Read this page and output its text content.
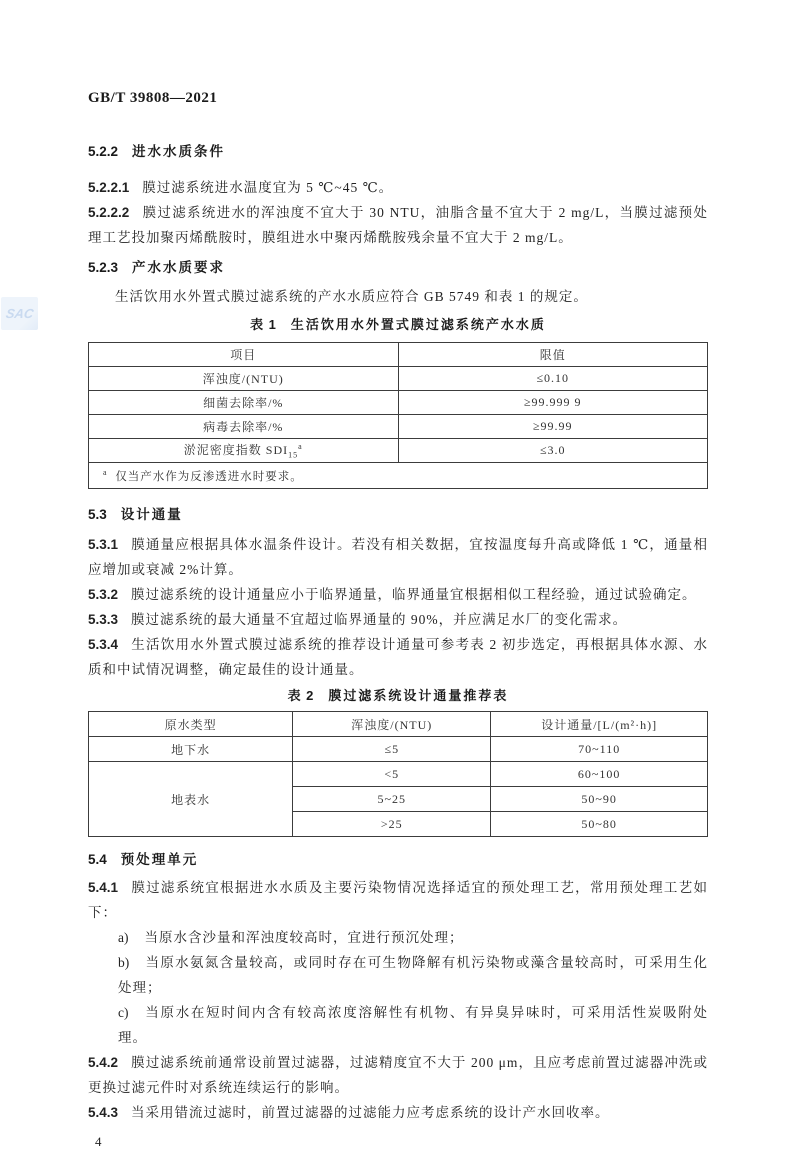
SAC
GB/T 39808—2021
5.2.2 进水水质条件

5.2.2.1 膜过滤系统进水温度宜为 5 ℃~45 ℃。

5.2.2.2 膜过滤系统进水的浑浊度不宜大于 30 NTU，油脂含量不宜大于 2 mg/L，当膜过滤预处理工艺投加聚丙烯酰胺时，膜组进水中聚丙烯酰胺残余量不宜大于 2 mg/L。

5.2.3 产水水质要求

生活饮用水外置式膜过滤系统的产水水质应符合 GB 5749 和表 1 的规定。

表 1 生活饮用水外置式膜过滤系统产水水质
项目	限值
浑浊度/(NTU)	≤0.10
细菌去除率/%	≥99.999 9
病毒去除率/%	≥99.99
淤泥密度指数 $SDI_{15}^a$	≤3.0
$^a$ 仅当产水作为反渗透进水时要求。	
5.3 设计通量

5.3.1 膜通量应根据具体水温条件设计。若没有相关数据，宜按温度每升高或降低 1 ℃，通量相应增加或衰减 2%计算。

5.3.2 膜过滤系统的设计通量应小于临界通量，临界通量宜根据相似工程经验，通过试验确定。

5.3.3 膜过滤系统的最大通量不宜超过临界通量的 90%，并应满足水厂的变化需求。

5.3.4 生活饮用水外置式膜过滤系统的推荐设计通量可参考表 2 初步选定，再根据具体水源、水质和中试情况调整，确定最佳的设计通量。

表 2 膜过滤系统设计通量推荐表
原水类型	浑浊度/(NTU)	设计通量/[L/(m²·h)]
地下水	≤5	70~110
地表水	<5	60~100
	5~25	50~90
	>25	50~80
5.4 预处理单元

5.4.1 膜过滤系统宜根据进水水质及主要污染物情况选择适宜的预处理工艺，常用预处理工艺如下：

a) 当原水含沙量和浑浊度较高时，宜进行预沉处理；

b) 当原水氨氮含量较高，或同时存在可生物降解有机污染物或藻含量较高时，可采用生化处理；

c) 当原水在短时间内含有较高浓度溶解性有机物、有异臭异味时，可采用活性炭吸附处理。

5.4.2 膜过滤系统前通常设前置过滤器，过滤精度宜不大于 200 μm，且应考虑前置过滤器冲洗或更换过滤元件时对系统连续运行的影响。

5.4.3 当采用错流过滤时，前置过滤器的过滤能力应考虑系统的设计产水回收率。

4
